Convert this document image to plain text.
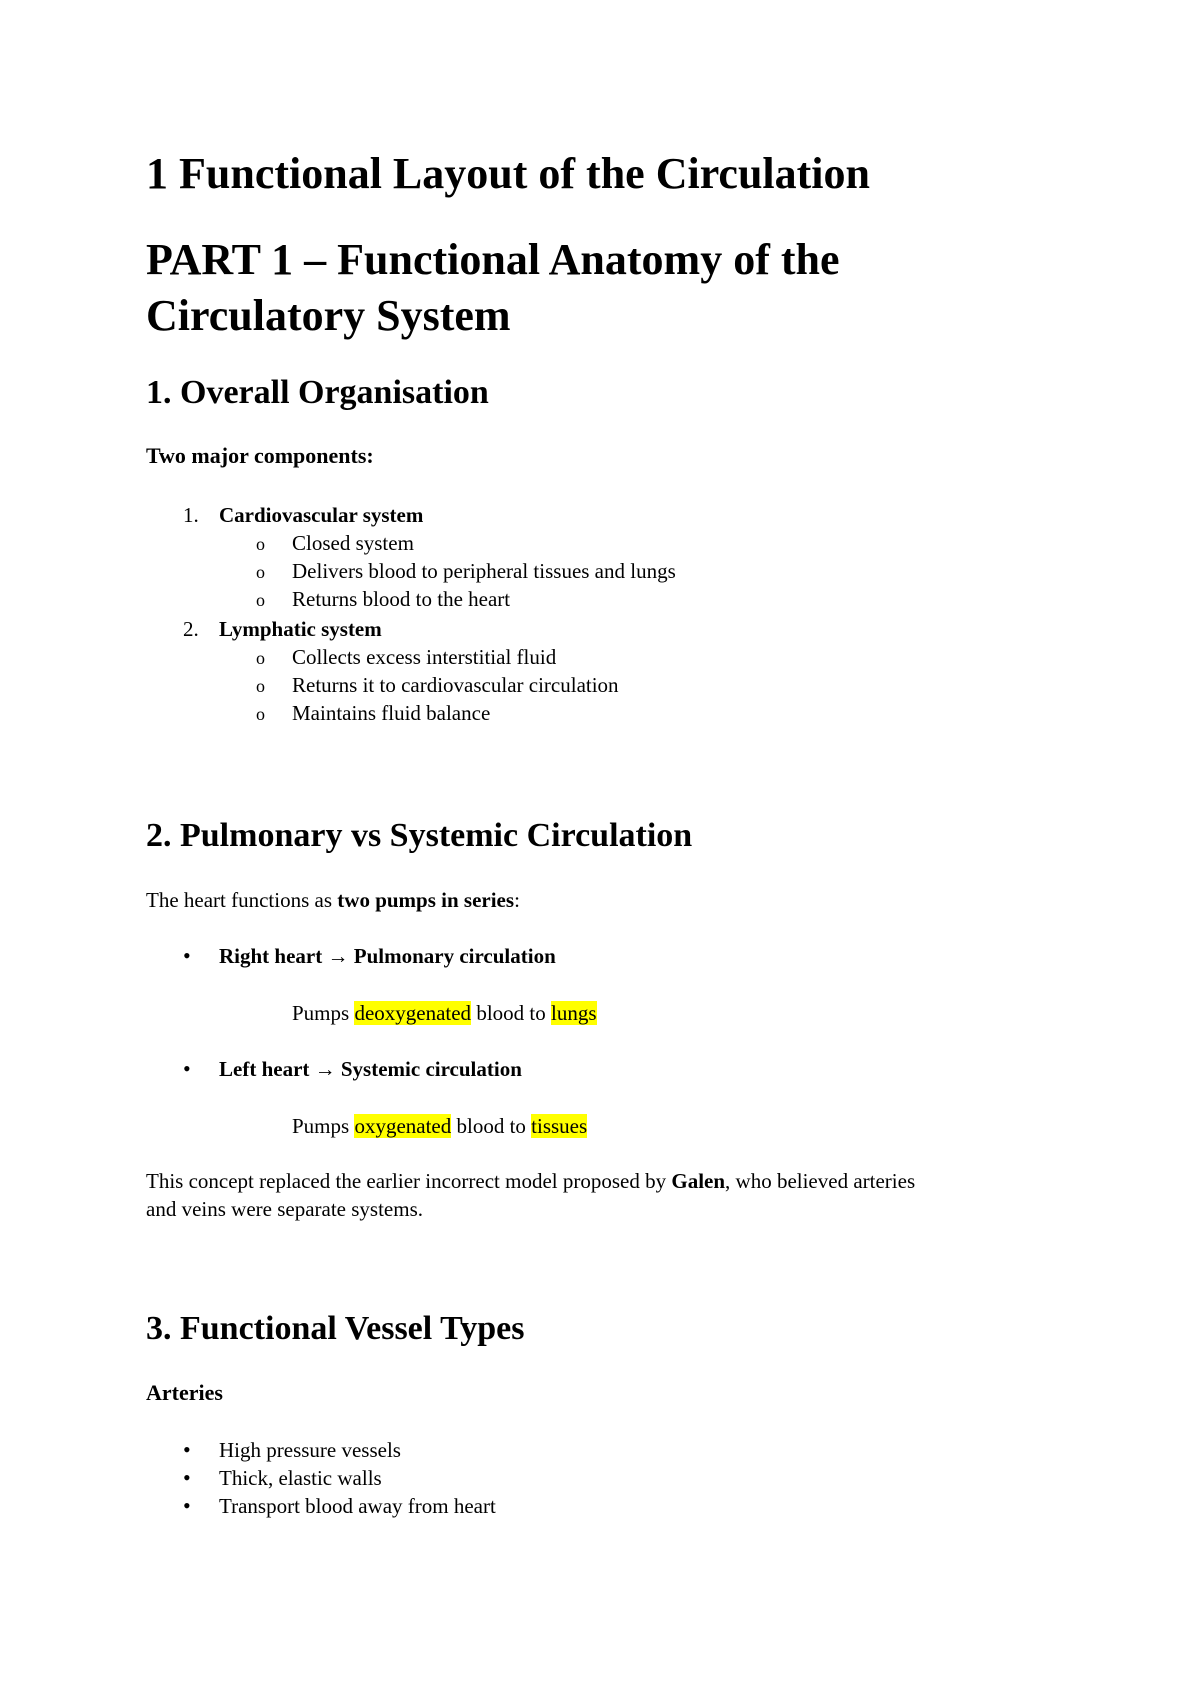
1 Functional Layout of the Circulation
PART 1 – Functional Anatomy of the
Circulatory System
1. Overall Organisation
Two major components:
1. Cardiovascular system
o Closed system
o Delivers blood to peripheral tissues and lungs
o Returns blood to the heart
2. Lymphatic system
o Collects excess interstitial fluid
o Returns it to cardiovascular circulation
o Maintains fluid balance
2. Pulmonary vs Systemic Circulation
The heart functions as two pumps in series:
• Right heart → Pulmonary circulation
Pumps deoxygenated blood to lungs
• Left heart → Systemic circulation
Pumps oxygenated blood to tissues
This concept replaced the earlier incorrect model proposed by Galen, who believed arteries
and veins were separate systems.
3. Functional Vessel Types
Arteries
• High pressure vessels
• Thick, elastic walls
• Transport blood away from heart
